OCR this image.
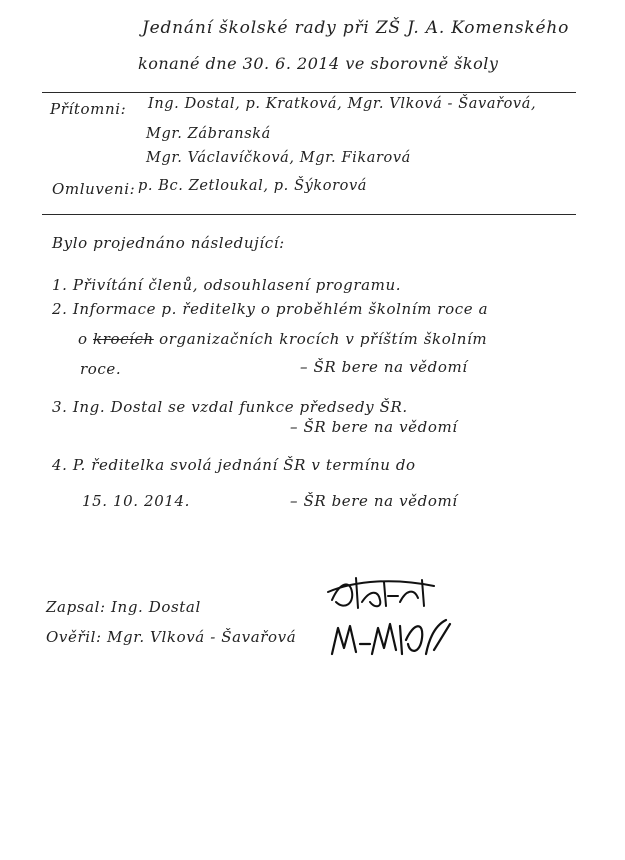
Jednání školské rady při ZŠ J. A. Komenského
konané dne 30. 6. 2014 ve sborovně školy
Přítomni: Ing. Dostal, p. Kratková, Mgr. Vlková - Šavařová,
Mgr. Zábranská
Mgr. Václavíčková, Mgr. Fikarová
Omluveni: p. Bc. Zetloukal, p. Šýkorová
Bylo projednáno následující:
1. Přivítání členů, odsouhlasení programu.
2. Informace p. ředitelky o proběhlém školním roce a
o krocích organizačních krocích v příštím školním
roce.	– ŠR bere na vědomí
3. Ing. Dostal se vzdal funkce předsedy ŠR.
– ŠR bere na vědomí
4. P. ředitelka svolá jednání ŠR v termínu do
15. 10. 2014.	– ŠR bere na vědomí
Zapsal: Ing. Dostal
Ověřil: Mgr. Vlková - Šavařová
